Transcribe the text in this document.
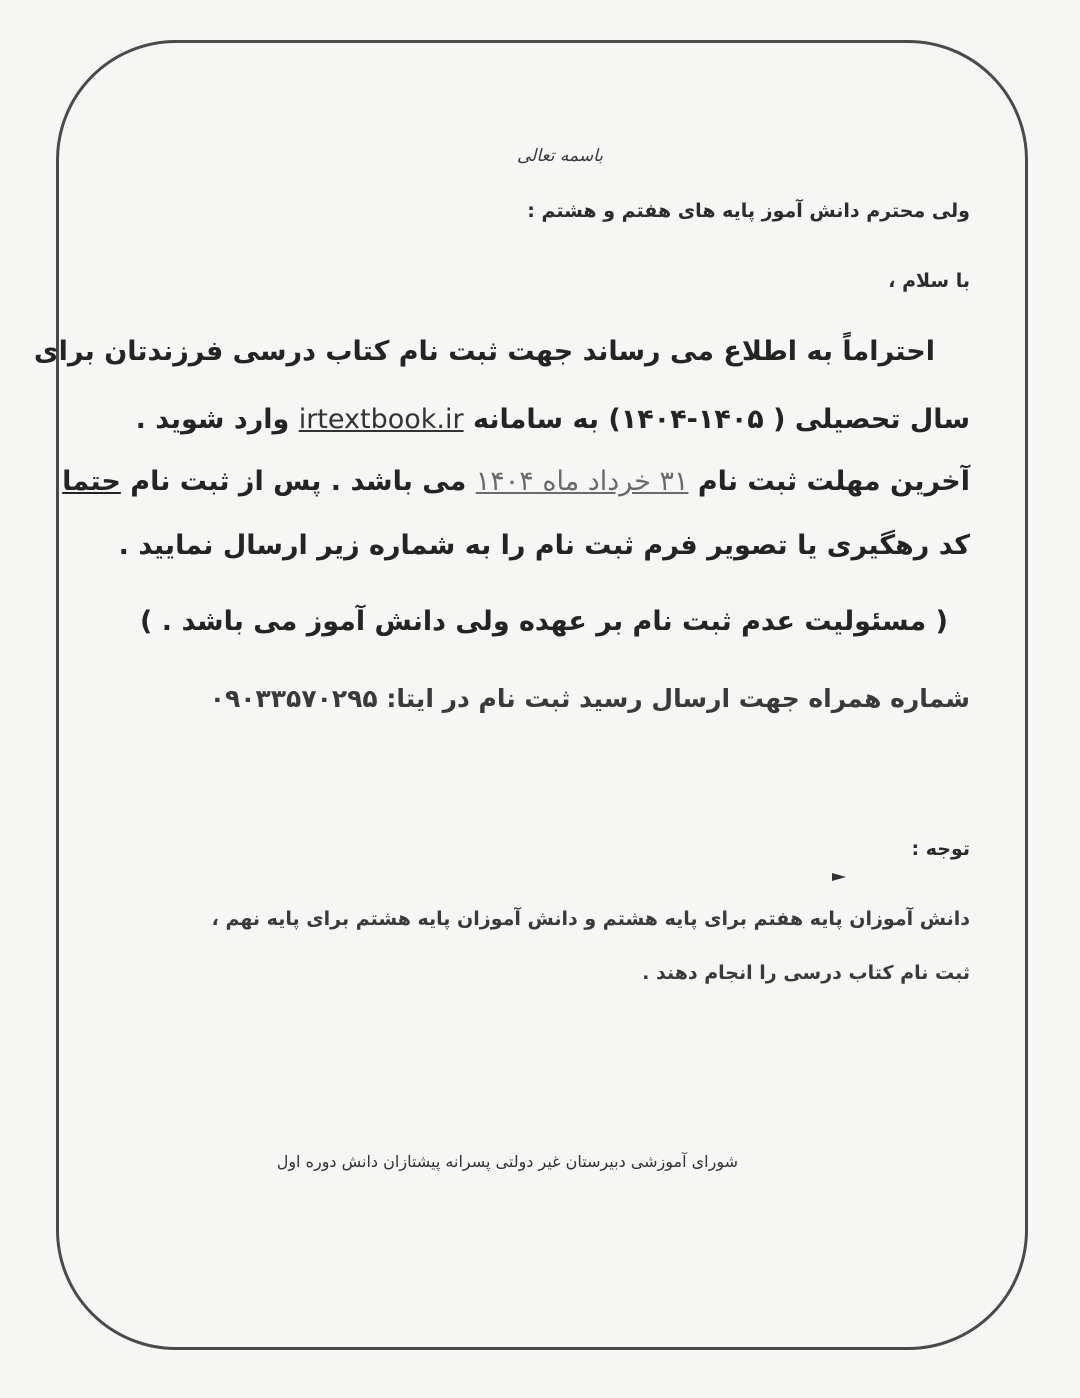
باسمه تعالی
ولی محترم دانش آموز پایه های هفتم و هشتم :
با سلام ،
احتراماً به اطلاع می رساند جهت ثبت نام کتاب درسی فرزندتان برای
سال تحصیلی ( ۱۴۰۵-۱۴۰۴) به سامانه irtextbook.ir وارد شوید .
آخرین مهلت ثبت نام ۳۱ خرداد ماه ۱۴۰۴ می باشد . پس از ثبت نام حتما
کد رهگیری یا تصویر فرم ثبت نام را به شماره زیر ارسال نمایید .
( مسئولیت عدم ثبت نام بر عهده ولی دانش آموز می باشد . )
شماره همراه جهت ارسال رسید ثبت نام در ایتا: ۰۹۰۳۳۵۷۰۲۹۵
توجه :
دانش آموزان پایه هفتم برای پایه هشتم و دانش آموزان پایه هشتم برای پایه نهم ،
ثبت نام کتاب درسی را انجام دهند .
شورای آموزشی دبیرستان غیر دولتی پسرانه پیشتازان دانش دوره اول
